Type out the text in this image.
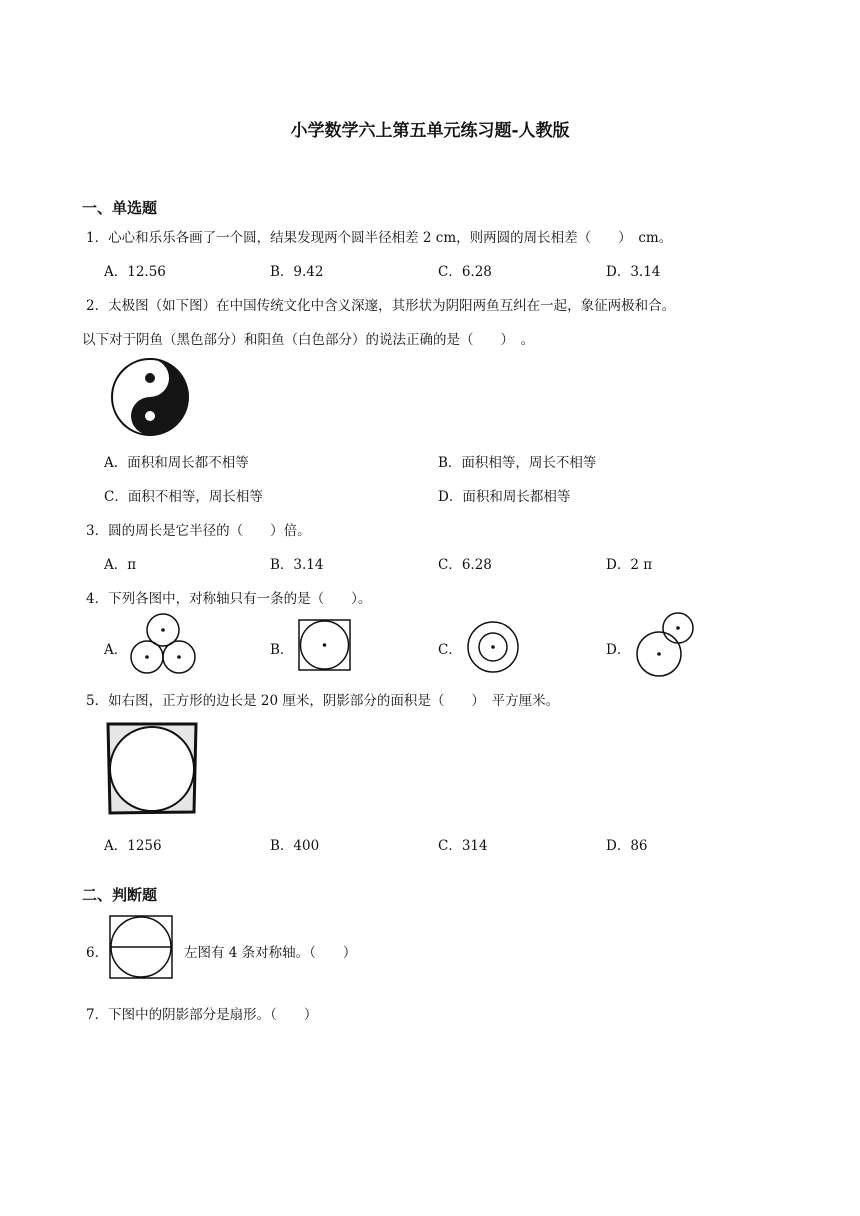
小学数学六上第五单元练习题-人教版
一、单选题
1．心心和乐乐各画了一个圆，结果发现两个圆半径相差 2 cm，则两圆的周长相差（　　）　cm。
A．12.56	B．9.42	C．6.28	D．3.14
2．太极图（如下图）在中国传统文化中含义深邃，其形状为阴阳两鱼互纠在一起，象征两极和合。
以下对于阴鱼（黑色部分）和阳鱼（白色部分）的说法正确的是（　　）　。
A．面积和周长都不相等	B．面积相等，周长不相等
C．面积不相等，周长相等	D．面积和周长都相等
3．圆的周长是它半径的（　　）倍。
A．π	B．3.14	C．6.28	D．2 π
4．下列各图中，对称轴只有一条的是（　　）。
A．	B．	C．	D．
5．如右图，正方形的边长是 20 厘米，阴影部分的面积是（　　）　平方厘米。
A．1256	B．400	C．314	D．86
二、判断题
6．	左图有 4 条对称轴。（　　）
7．下图中的阴影部分是扇形。（　　）
